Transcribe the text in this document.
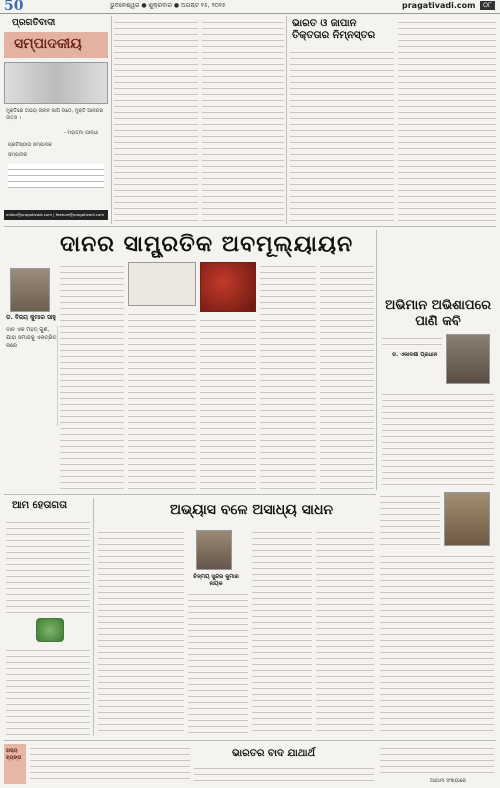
50	ଭୁବନେଶ୍ୱର ● ଶୁକ୍ରବାର ● ଅଗଷ୍ଟ ୧୫, ୨୦୨୫	pragativadi.com	୦୮
ପ୍ରଗତିବାଦୀ
ସମ୍ପାଦକୀୟ
ମୁକ୍ତିରେ ଅଭୟ ଜୀବନ ଜାଗି ଉଠେ, ମୁକ୍ତି ଆନନ୍ଦର ଉତ୍ସ ।
- ମହାତ୍ମା ଗାନ୍ଧୀ
ପ୍ରତିଷ୍ଠାତା ସମ୍ପାଦକ
ସମ୍ପାଦକ
editor@pragativadi.com | feature@pragativadi.com
ଭାରତ ଓ ଜାପାନ ତିକ୍ତତାର ନିମ୍ନସ୍ତର
ଦାନର ସାମ୍ପ୍ରତିକ ଅବମୂଲ୍ୟାୟନ
ଡ. ବିଜୟ କୁମାର ସାହୁ
ଦାନ ଏକ ମହତ୍ ଗୁଣ, ଯାହା ସମାଜକୁ ଏକତ୍ରିତ କରେ
ଅଭିମାନ ଅଭିଶାପରେ ପାଣି କବି
ଡ. ଏକାଦଶୀ ପ୍ରଧାନ
ଆମ ହେତାଗତା	ଅଭ୍ୟାସ ବଳେ ଅସାଧ୍ୟ ସାଧନ
ଚିନ୍ମୟ ସୁନ୍ଦର କୁମାର ନାୟକ
ହାସ୍ୟ ବ୍ୟଙ୍ଗ	ଭାରତର ବାଦ ଯାଥାର୍ଥ
ଆଗାମୀ ସଂଖ୍ୟାରେ
